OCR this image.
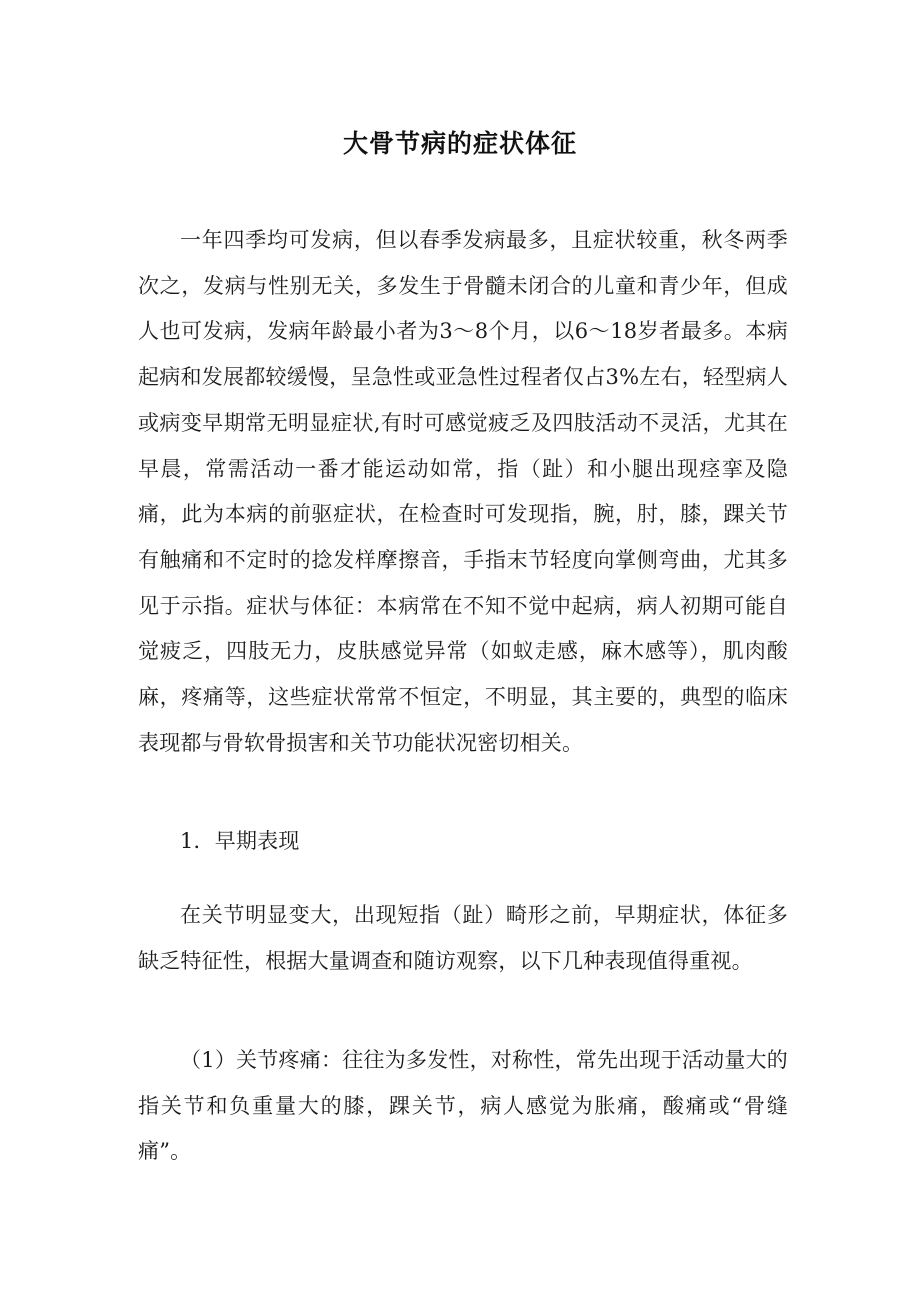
大骨节病的症状体征

一年四季均可发病，但以春季发病最多，且症状较重，秋冬两季次之，发病与性别无关，多发生于骨髓未闭合的儿童和青少年，但成人也可发病，发病年龄最小者为3～8个月，以6～18岁者最多。本病起病和发展都较缓慢，呈急性或亚急性过程者仅占3%左右，轻型病人或病变早期常无明显症状,有时可感觉疲乏及四肢活动不灵活，尤其在早晨，常需活动一番才能运动如常，指（趾）和小腿出现痉挛及隐痛，此为本病的前驱症状，在检查时可发现指，腕，肘，膝，踝关节有触痛和不定时的捻发样摩擦音，手指末节轻度向掌侧弯曲，尤其多见于示指。症状与体征：本病常在不知不觉中起病，病人初期可能自觉疲乏，四肢无力，皮肤感觉异常（如蚁走感，麻木感等），肌肉酸麻，疼痛等，这些症状常常不恒定，不明显，其主要的，典型的临床表现都与骨软骨损害和关节功能状况密切相关。

1．早期表现

在关节明显变大，出现短指（趾）畸形之前，早期症状，体征多缺乏特征性，根据大量调查和随访观察，以下几种表现值得重视。

（1）关节疼痛：往往为多发性，对称性，常先出现于活动量大的指关节和负重量大的膝，踝关节，病人感觉为胀痛，酸痛或“骨缝痛”。
